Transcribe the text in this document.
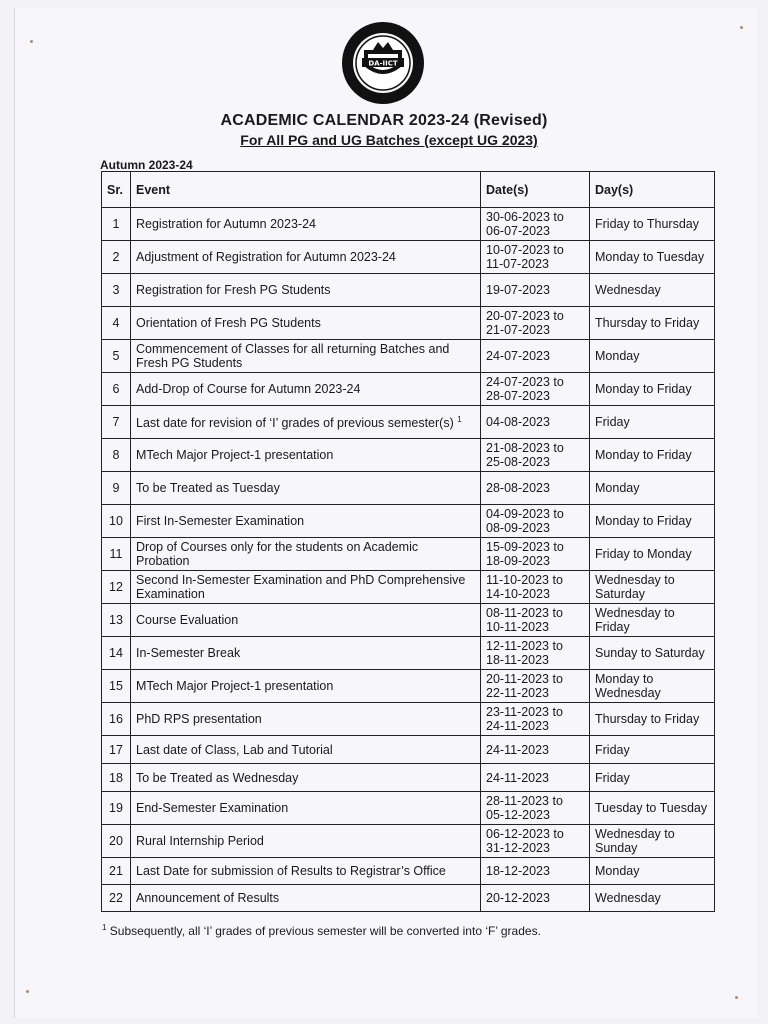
DA-IICT
ACADEMIC CALENDAR 2023-24 (Revised)
For All PG and UG Batches (except UG 2023)
Autumn 2023-24
Sr.	Event	Date(s)	Day(s)
1	Registration for Autumn 2023-24	30-06-2023 to 06-07-2023	Friday to Thursday
2	Adjustment of Registration for Autumn 2023-24	10-07-2023 to 11-07-2023	Monday to Tuesday
3	Registration for Fresh PG Students	19-07-2023	Wednesday
4	Orientation of Fresh PG Students	20-07-2023 to 21-07-2023	Thursday to Friday
5	Commencement of Classes for all returning Batches and Fresh PG Students	24-07-2023	Monday
6	Add-Drop of Course for Autumn 2023-24	24-07-2023 to 28-07-2023	Monday to Friday
7	Last date for revision of ‘I’ grades of previous semester(s) $^1$	04-08-2023	Friday
8	MTech Major Project-1 presentation	21-08-2023 to 25-08-2023	Monday to Friday
9	To be Treated as Tuesday	28-08-2023	Monday
10	First In-Semester Examination	04-09-2023 to 08-09-2023	Monday to Friday
11	Drop of Courses only for the students on Academic Probation	15-09-2023 to 18-09-2023	Friday to Monday
12	Second In-Semester Examination and PhD Comprehensive Examination	11-10-2023 to 14-10-2023	Wednesday to Saturday
13	Course Evaluation	08-11-2023 to 10-11-2023	Wednesday to Friday
14	In-Semester Break	12-11-2023 to 18-11-2023	Sunday to Saturday
15	MTech Major Project-1 presentation	20-11-2023 to 22-11-2023	Monday to Wednesday
16	PhD RPS presentation	23-11-2023 to 24-11-2023	Thursday to Friday
17	Last date of Class, Lab and Tutorial	24-11-2023	Friday
18	To be Treated as Wednesday	24-11-2023	Friday
19	End-Semester Examination	28-11-2023 to 05-12-2023	Tuesday to Tuesday
20	Rural Internship Period	06-12-2023 to 31-12-2023	Wednesday to Sunday
21	Last Date for submission of Results to Registrar’s Office	18-12-2023	Monday
22	Announcement of Results	20-12-2023	Wednesday
$^1$ Subsequently, all ‘I’ grades of previous semester will be converted into ‘F’ grades.
